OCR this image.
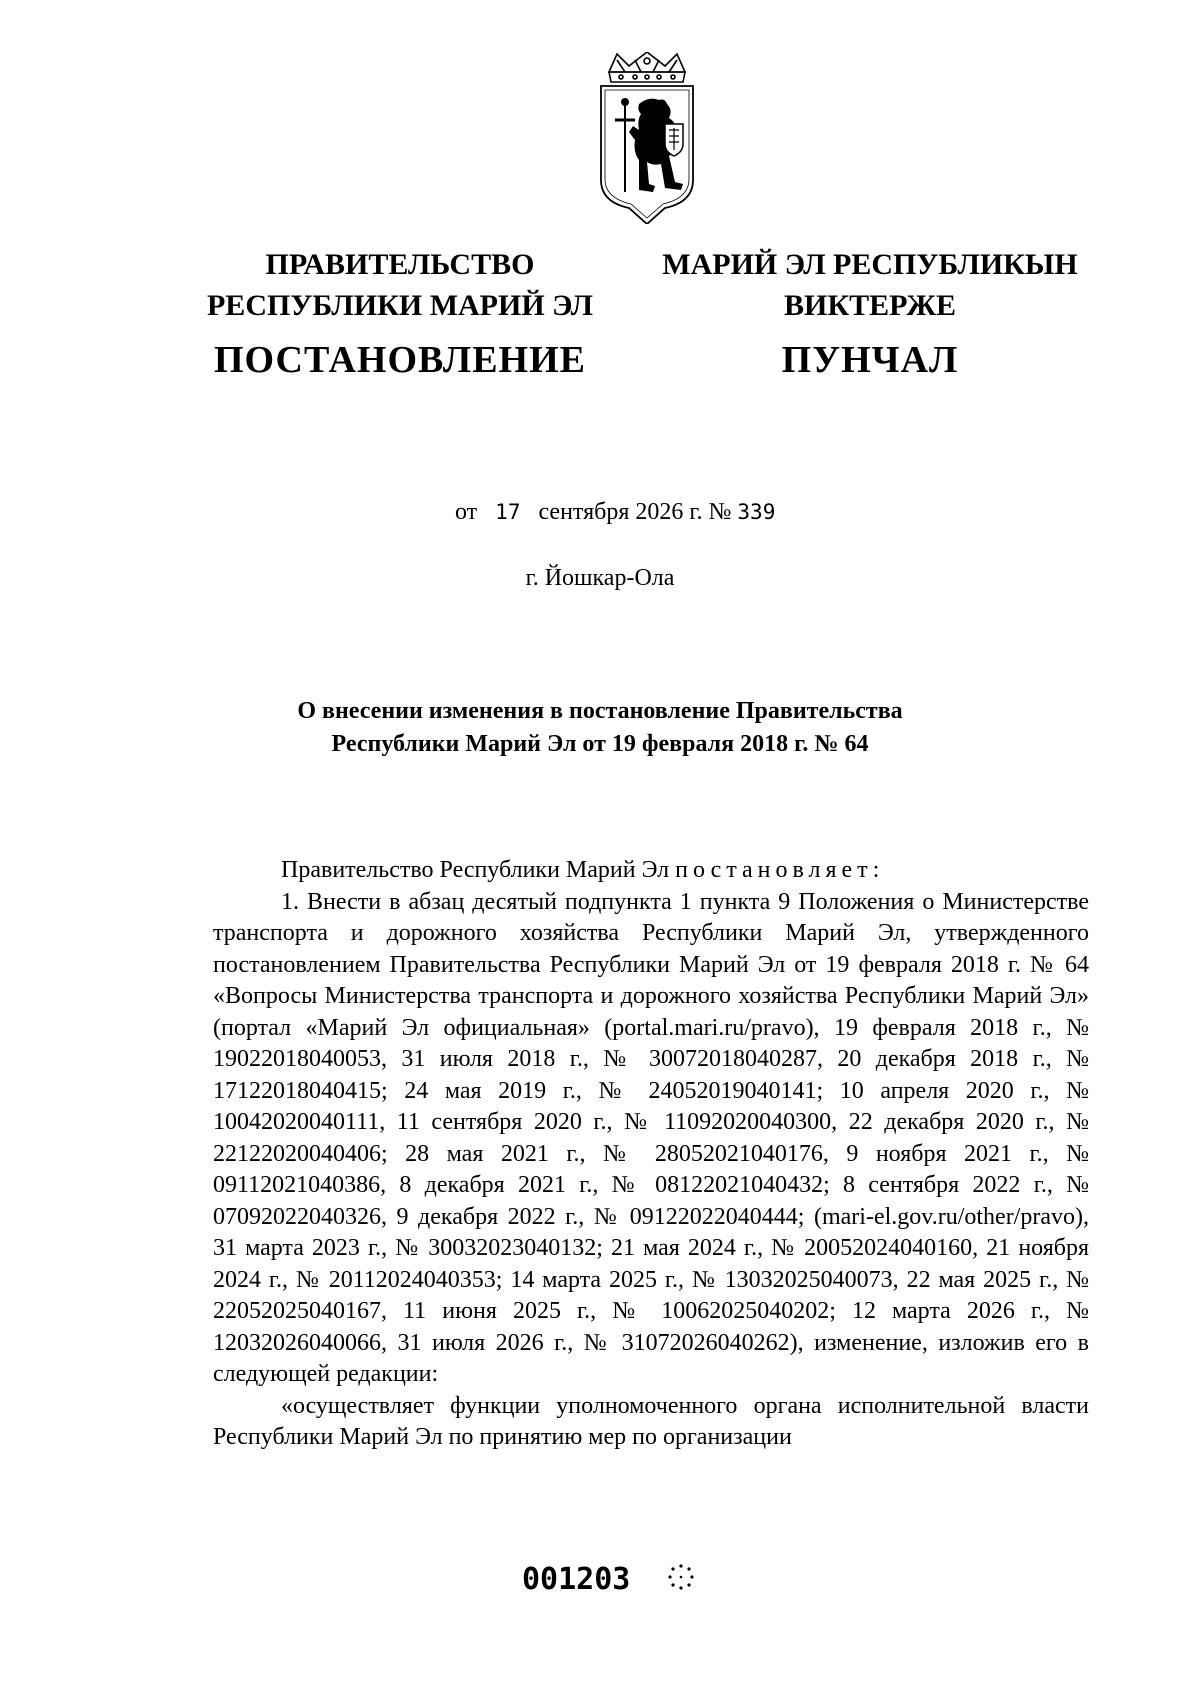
ПРАВИТЕЛЬСТВО
РЕСПУБЛИКИ МАРИЙ ЭЛ
ПОСТАНОВЛЕНИЕ
МАРИЙ ЭЛ РЕСПУБЛИКЫН
ВИКТЕРЖЕ
ПУНЧАЛ
от 17 сентября 2026 г. № 339
г. Йошкар-Ола
О внесении изменения в постановление Правительства
Республики Марий Эл от 19 февраля 2018 г. № 64

Правительство Республики Марий Эл постановляет:

1. Внести в абзац десятый подпункта 1 пункта 9 Положения о Министерстве транспорта и дорожного хозяйства Республики Марий Эл, утвержденного постановлением Правительства Республики Марий Эл от 19 февраля 2018 г. № 64 «Вопросы Министерства транспорта и дорожного хозяйства Республики Марий Эл» (портал «Марий Эл официальная» (portal.mari.ru/pravo), 19 февраля 2018 г., № 19022018040053, 31 июля 2018 г., № 30072018040287, 20 декабря 2018 г., № 17122018040415; 24 мая 2019 г., № 24052019040141; 10 апреля 2020 г., № 10042020040111, 11 сентября 2020 г., № 11092020040300, 22 декабря 2020 г., № 22122020040406; 28 мая 2021 г., № 28052021040176, 9 ноября 2021 г., № 09112021040386, 8 декабря 2021 г., № 08122021040432; 8 сентября 2022 г., № 07092022040326, 9 декабря 2022 г., № 09122022040444; (mari-el.gov.ru/other/pravo), 31 марта 2023 г., № 30032023040132; 21 мая 2024 г., № 20052024040160, 21 ноября 2024 г., № 20112024040353; 14 марта 2025 г., № 13032025040073, 22 мая 2025 г., № 22052025040167, 11 июня 2025 г., № 10062025040202; 12 марта 2026 г., № 12032026040066, 31 июля 2026 г., № 31072026040262), изменение, изложив его в следующей редакции:

«осуществляет функции уполномоченного органа исполнительной власти Республики Марий Эл по принятию мер по организации

001203
